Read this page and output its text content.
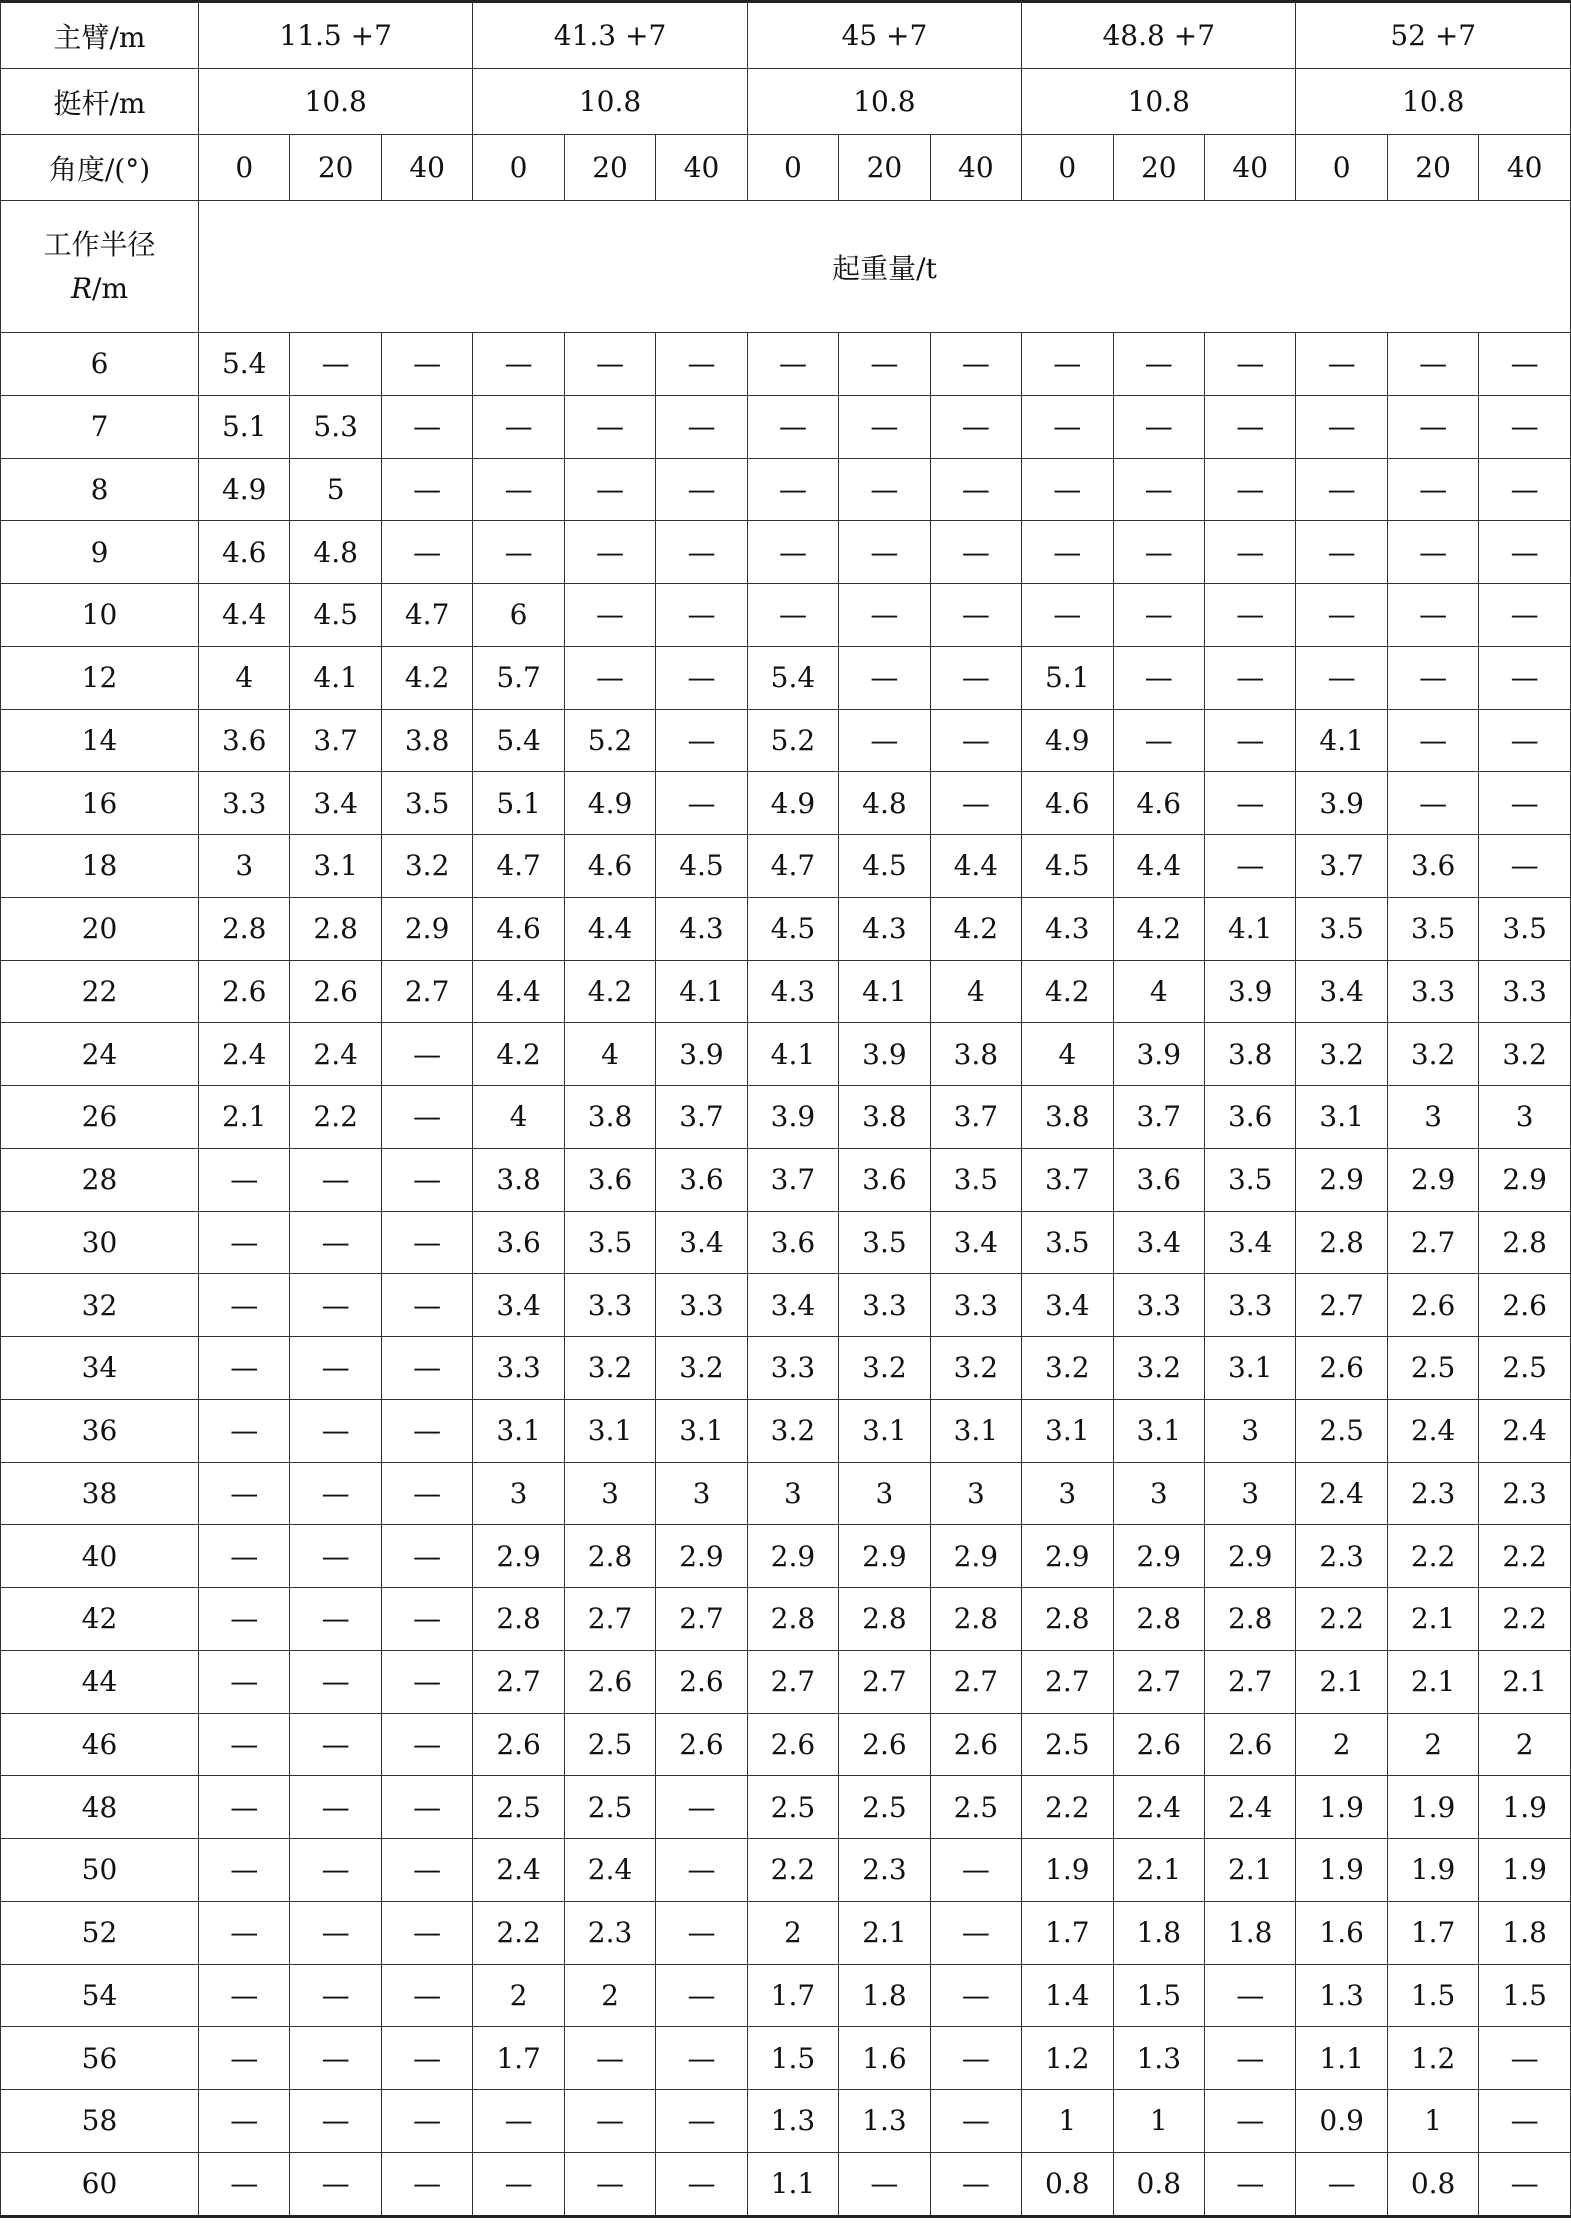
主臂/m	11.5 +7			41.3 +7			45 +7			48.8 +7			52 +7		
挺杆/m	10.8			10.8			10.8			10.8			10.8		
角度/(°)	0	20	40	0	20	40	0	20	40	0	20	40	0	20	40

工作半径
R/m	起重量/t														
6	5.4	—	—	—	—	—	—	—	—	—	—	—	—	—	—
7	5.1	5.3	—	—	—	—	—	—	—	—	—	—	—	—	—
8	4.9	5	—	—	—	—	—	—	—	—	—	—	—	—	—
9	4.6	4.8	—	—	—	—	—	—	—	—	—	—	—	—	—
10	4.4	4.5	4.7	6	—	—	—	—	—	—	—	—	—	—	—
12	4	4.1	4.2	5.7	—	—	5.4	—	—	5.1	—	—	—	—	—
14	3.6	3.7	3.8	5.4	5.2	—	5.2	—	—	4.9	—	—	4.1	—	—
16	3.3	3.4	3.5	5.1	4.9	—	4.9	4.8	—	4.6	4.6	—	3.9	—	—
18	3	3.1	3.2	4.7	4.6	4.5	4.7	4.5	4.4	4.5	4.4	—	3.7	3.6	—
20	2.8	2.8	2.9	4.6	4.4	4.3	4.5	4.3	4.2	4.3	4.2	4.1	3.5	3.5	3.5
22	2.6	2.6	2.7	4.4	4.2	4.1	4.3	4.1	4	4.2	4	3.9	3.4	3.3	3.3
24	2.4	2.4	—	4.2	4	3.9	4.1	3.9	3.8	4	3.9	3.8	3.2	3.2	3.2
26	2.1	2.2	—	4	3.8	3.7	3.9	3.8	3.7	3.8	3.7	3.6	3.1	3	3
28	—	—	—	3.8	3.6	3.6	3.7	3.6	3.5	3.7	3.6	3.5	2.9	2.9	2.9
30	—	—	—	3.6	3.5	3.4	3.6	3.5	3.4	3.5	3.4	3.4	2.8	2.7	2.8
32	—	—	—	3.4	3.3	3.3	3.4	3.3	3.3	3.4	3.3	3.3	2.7	2.6	2.6
34	—	—	—	3.3	3.2	3.2	3.3	3.2	3.2	3.2	3.2	3.1	2.6	2.5	2.5
36	—	—	—	3.1	3.1	3.1	3.2	3.1	3.1	3.1	3.1	3	2.5	2.4	2.4
38	—	—	—	3	3	3	3	3	3	3	3	3	2.4	2.3	2.3
40	—	—	—	2.9	2.8	2.9	2.9	2.9	2.9	2.9	2.9	2.9	2.3	2.2	2.2
42	—	—	—	2.8	2.7	2.7	2.8	2.8	2.8	2.8	2.8	2.8	2.2	2.1	2.2
44	—	—	—	2.7	2.6	2.6	2.7	2.7	2.7	2.7	2.7	2.7	2.1	2.1	2.1
46	—	—	—	2.6	2.5	2.6	2.6	2.6	2.6	2.5	2.6	2.6	2	2	2
48	—	—	—	2.5	2.5	—	2.5	2.5	2.5	2.2	2.4	2.4	1.9	1.9	1.9
50	—	—	—	2.4	2.4	—	2.2	2.3	—	1.9	2.1	2.1	1.9	1.9	1.9
52	—	—	—	2.2	2.3	—	2	2.1	—	1.7	1.8	1.8	1.6	1.7	1.8
54	—	—	—	2	2	—	1.7	1.8	—	1.4	1.5	—	1.3	1.5	1.5
56	—	—	—	1.7	—	—	1.5	1.6	—	1.2	1.3	—	1.1	1.2	—
58	—	—	—	—	—	—	1.3	1.3	—	1	1	—	0.9	1	—
60	—	—	—	—	—	—	1.1	—	—	0.8	0.8	—	—	0.8	—
